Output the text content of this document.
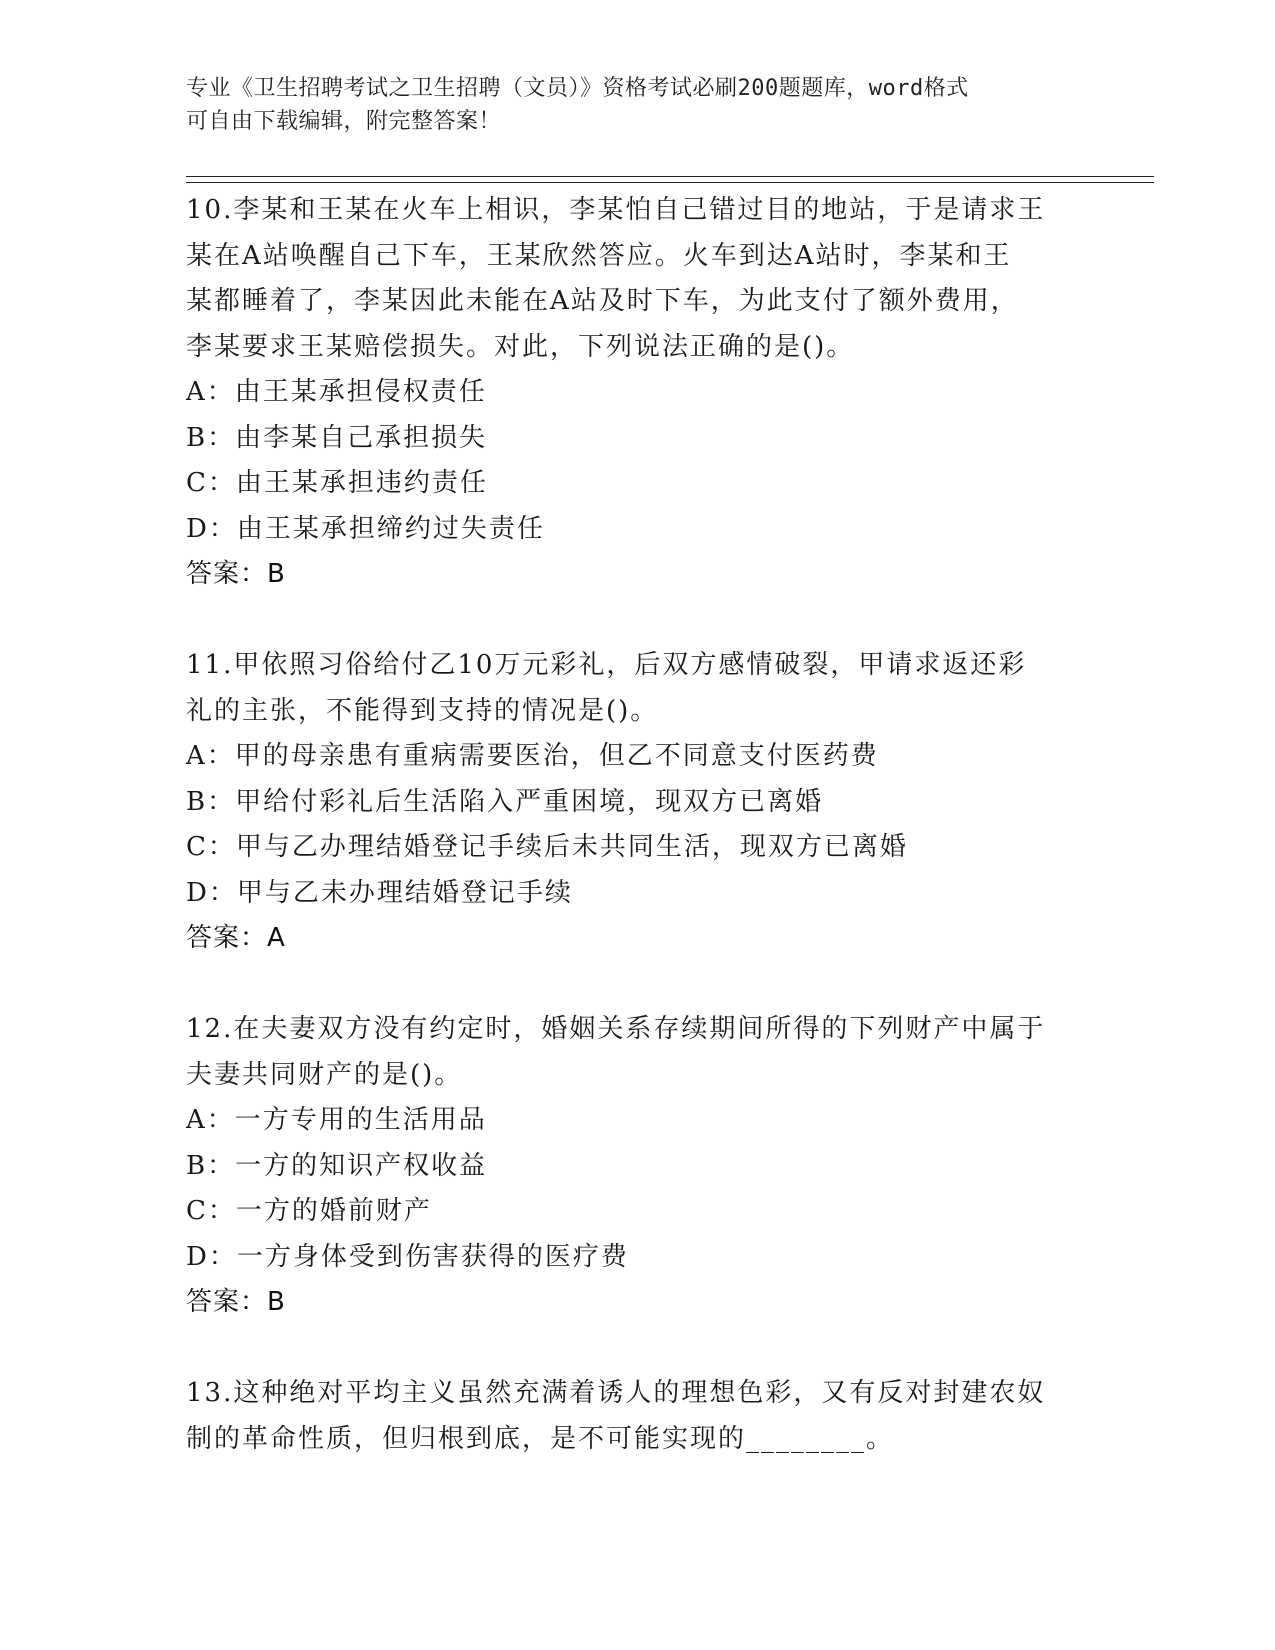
专业《卫生招聘考试之卫生招聘（文员）》资格考试必刷200题题库，word格式
可自由下载编辑，附完整答案！
10.李某和王某在火车上相识，李某怕自己错过目的地站，于是请求王
某在A站唤醒自己下车，王某欣然答应。火车到达A站时，李某和王
某都睡着了，李某因此未能在A站及时下车，为此支付了额外费用，
李某要求王某赔偿损失。对此，下列说法正确的是()。
A：由王某承担侵权责任
B：由李某自己承担损失
C：由王某承担违约责任
D：由王某承担缔约过失责任
答案：B
11.甲依照习俗给付乙10万元彩礼，后双方感情破裂，甲请求返还彩
礼的主张，不能得到支持的情况是()。
A：甲的母亲患有重病需要医治，但乙不同意支付医药费
B：甲给付彩礼后生活陷入严重困境，现双方已离婚
C：甲与乙办理结婚登记手续后未共同生活，现双方已离婚
D：甲与乙未办理结婚登记手续
答案：A
12.在夫妻双方没有约定时，婚姻关系存续期间所得的下列财产中属于
夫妻共同财产的是()。
A：一方专用的生活用品
B：一方的知识产权收益
C：一方的婚前财产
D：一方身体受到伤害获得的医疗费
答案：B
13.这种绝对平均主义虽然充满着诱人的理想色彩，又有反对封建农奴
制的革命性质，但归根到底，是不可能实现的________。
